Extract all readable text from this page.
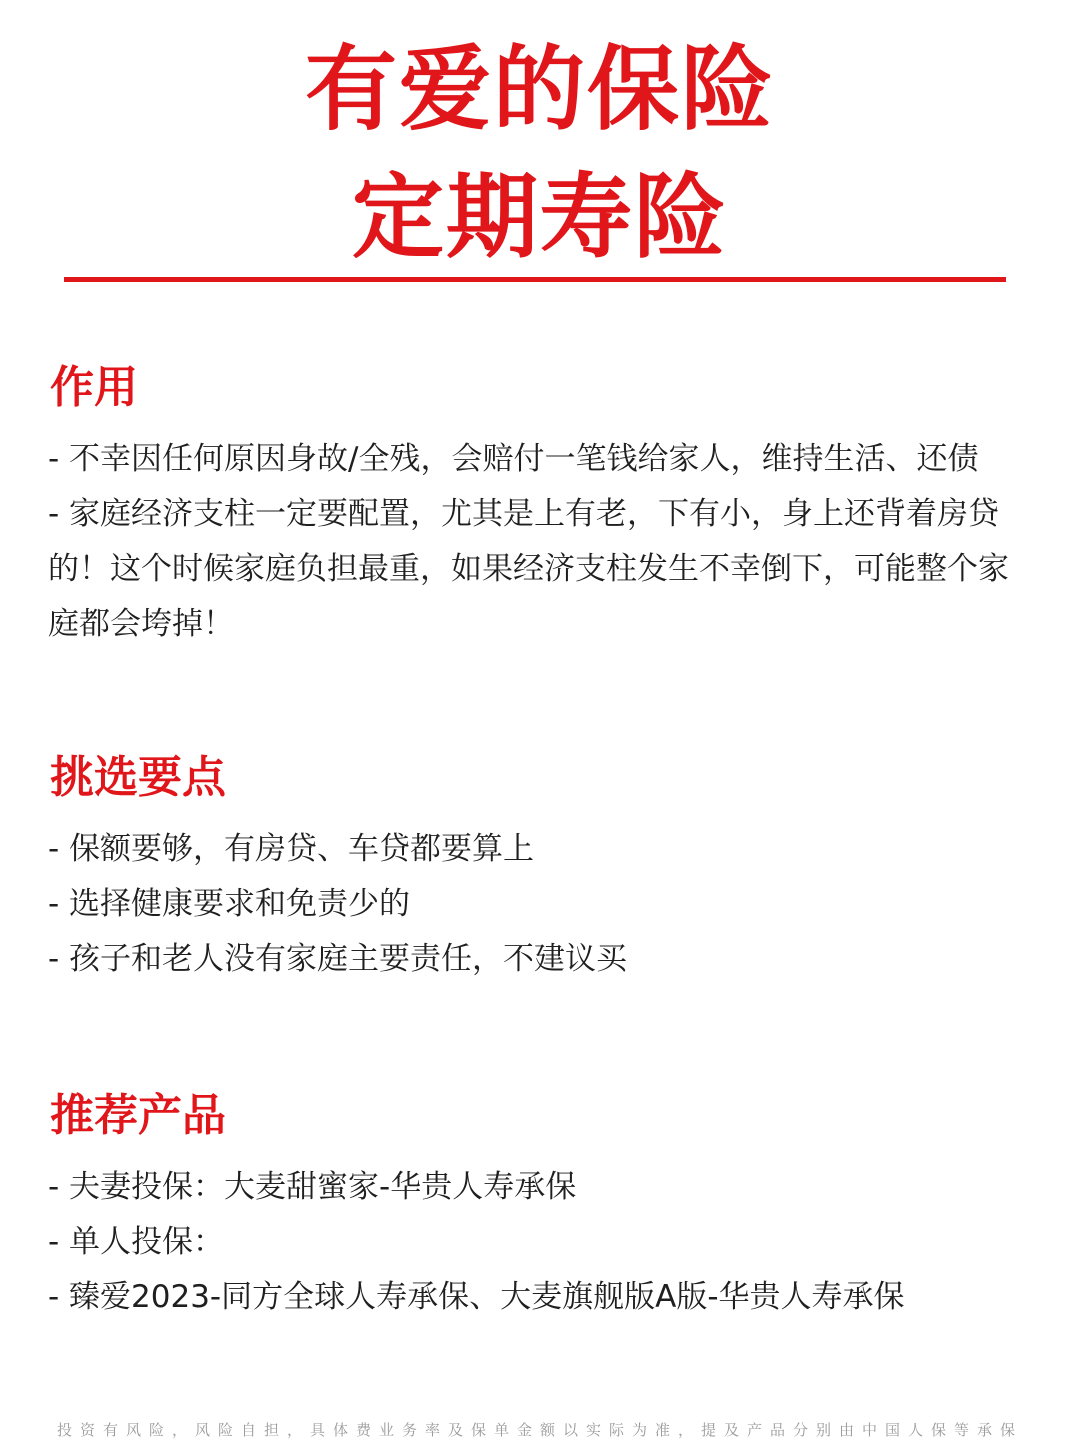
有爱的保险
定期寿险
作用
- 不幸因任何原因身故/全残，会赔付一笔钱给家人，维持生活、还债
- 家庭经济支柱一定要配置，尤其是上有老，下有小，身上还背着房贷的！这个时候家庭负担最重，如果经济支柱发生不幸倒下，可能整个家庭都会垮掉！
挑选要点
- 保额要够，有房贷、车贷都要算上
- 选择健康要求和免责少的
- 孩子和老人没有家庭主要责任，不建议买
推荐产品
- 夫妻投保：大麦甜蜜家-华贵人寿承保
- 单人投保：
- 臻爱2023-同方全球人寿承保、大麦旗舰版A版-华贵人寿承保
投资有风险，风险自担，具体费业务率及保单金额以实际为准，提及产品分别由中国人保等承保
